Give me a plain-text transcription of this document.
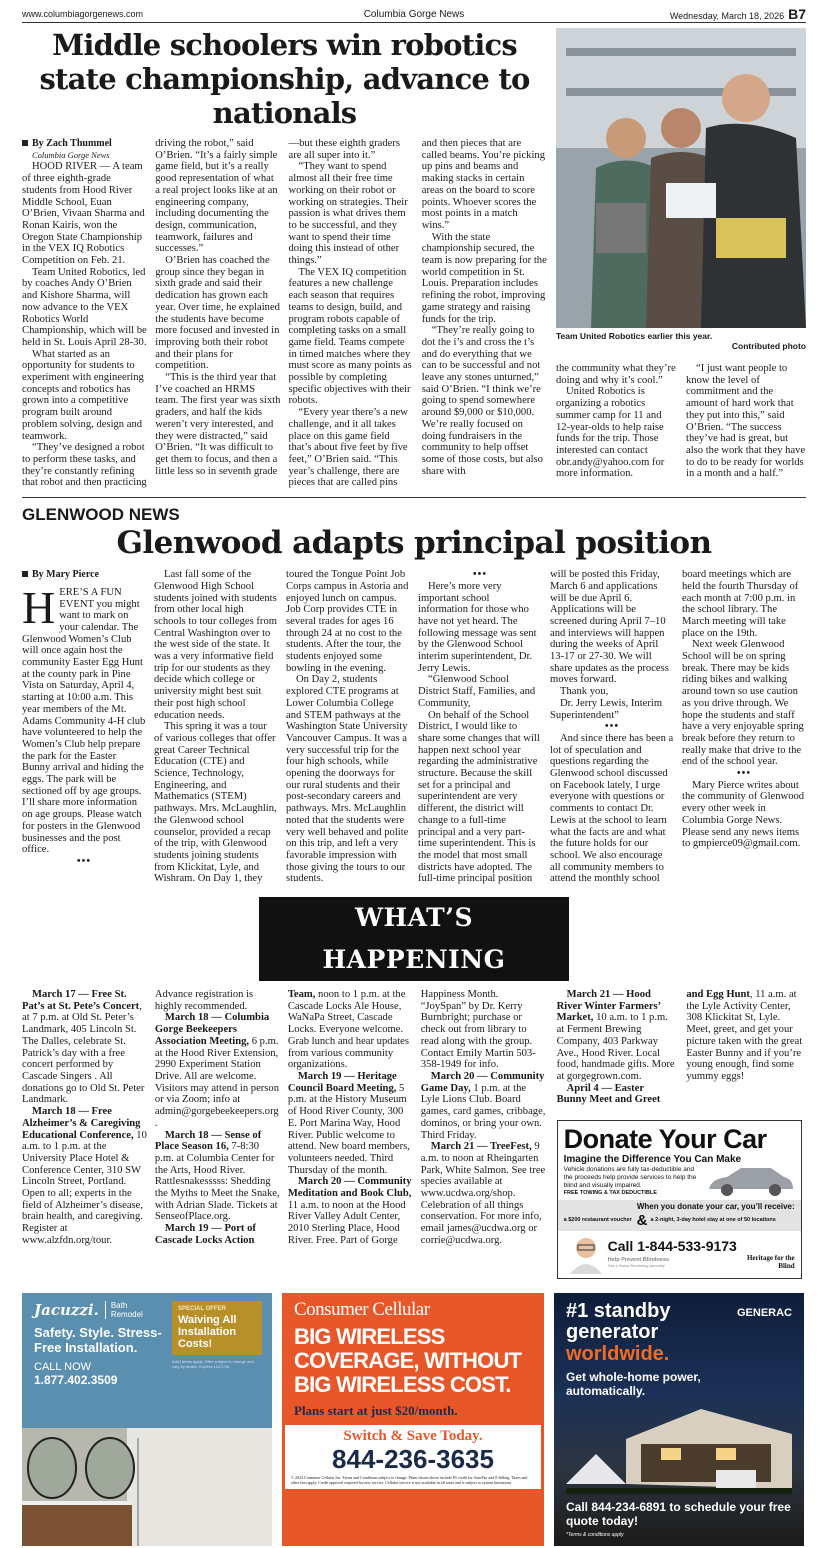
www.columbiagorgenews.com	Columbia Gorge News	Wednesday, March 18, 2026 B7
Middle schoolers win robotics state championship, advance to nationals
By Zach Thummel
Columbia Gorge News

HOOD RIVER — A team of three eighth-grade students from Hood River Middle School, Euan O’Brien, Vivaan Sharma and Ronan Kairis, won the Oregon State Championship in the VEX IQ Robotics Competition on Feb. 21.

Team United Robotics, led by coaches Andy O’Brien and Kishore Sharma, will now advance to the VEX Robotics World Championship, which will be held in St. Louis April 28-30.

What started as an opportunity for students to experiment with engineering concepts and robotics has grown into a competitive program built around problem solving, design and teamwork.

“They’ve designed a robot to perform these tasks, and they’re constantly refining that robot and then practicing driving the robot,” said O’Brien. “It’s a fairly simple game field, but it’s a really good representation of what a real project looks like at an engineering company, including documenting the design, communication, teamwork, failures and successes.”

O’Brien has coached the group since they began in sixth grade and said their dedication has grown each year. Over time, he explained the students have become more focused and invested in improving both their robot and their plans for competition.

“This is the third year that I’ve coached an HRMS team. The first year was sixth graders, and half the kids weren’t very interested, and they were distracted,” said O’Brien. “It was difficult to get them to focus, and then a little less so in seventh grade —but these eighth graders are all super into it.”

“They want to spend almost all their free time working on their robot or working on strategies. Their passion is what drives them to be successful, and they want to spend their time doing this instead of other things.”

The VEX IQ competition features a new challenge each season that requires teams to design, build, and program robots capable of completing tasks on a small game field. Teams compete in timed matches where they must score as many points as possible by completing specific objectives with their robots.

“Every year there’s a new challenge, and it all takes place on this game field that’s about five feet by five feet,” O’Brien said. “This year’s challenge, there are pieces that are called pins and then pieces that are called beams. You’re picking up pins and beams and making stacks in certain areas on the board to score points. Whoever scores the most points in a match wins.”

With the state championship secured, the team is now preparing for the world competition in St. Louis. Preparation includes refining the robot, improving game strategy and raising funds for the trip.

“They’re really going to dot the i’s and cross the t’s and do everything that we can to be successful and not leave any stones unturned,” said O’Brien. “I think we’re going to spend somewhere around $9,000 or $10,000. We’re really focused on doing fundraisers in the community to help offset some of those costs, but also share with

Team United Robotics earlier this year.
Contributed photo

the community what they’re doing and why it’s cool.”

United Robotics is organizing a robotics summer camp for 11 and 12-year-olds to help raise funds for the trip. Those interested can contact obr.andy@yahoo.com for more information.

“I just want people to know the level of commitment and the amount of hard work that they put into this,” said O’Brien. “The success they’ve had is great, but also the work that they have to do to be ready for worlds in a month and a half.”

GLENWOOD NEWS
Glenwood adapts principal position
By Mary Pierce

HERE’S A FUN EVENT you might want to mark on your calendar. The Glenwood Women’s Club will once again host the community Easter Egg Hunt at the county park in Pine Vista on Saturday, April 4, starting at 10:00 a.m. This year members of the Mt. Adams Community 4-H club have volunteered to help the Women’s Club help prepare the park for the Easter Bunny arrival and hiding the eggs. The park will be sectioned off by age groups. I’ll share more information on age groups. Please watch for posters in the Glenwood businesses and the post office.

•••

Last fall some of the Glenwood High School students joined with students from other local high schools to tour colleges from Central Washington over to the west side of the state. It was a very informative field trip for our students as they decide which college or university might best suit their post high school education needs.

This spring it was a tour of various colleges that offer great Career Technical Education (CTE) and Science, Technology, Engineering, and Mathematics (STEM) pathways. Mrs. McLaughlin, the Glenwood school counselor, provided a recap of the trip, with Glenwood students joining students from Klickitat, Lyle, and Wishram. On Day 1, they toured the Tongue Point Job Corps campus in Astoria and enjoyed lunch on campus. Job Corp provides CTE in several trades for ages 16 through 24 at no cost to the students. After the tour, the students enjoyed some bowling in the evening.

On Day 2, students explored CTE programs at Lower Columbia College and STEM pathways at the Washington State University Vancouver Campus. It was a very successful trip for the four high schools, while opening the doorways for our rural students and their post-secondary careers and pathways. Mrs. McLaughlin noted that the students were very well behaved and polite on this trip, and left a very favorable impression with those giving the tours to our students.

•••

Here’s more very important school information for those who have not yet heard. The following message was sent by the Glenwood School interim superintendent, Dr. Jerry Lewis.

“Glenwood School District Staff, Families, and Community,

On behalf of the School District, I would like to share some changes that will happen next school year regarding the administrative structure. Because the skill set for a principal and superintendent are very different, the district will change to a full-time principal and a very part-time superintendent. This is the model that most small districts have adopted. The full-time principal position will be posted this Friday, March 6 and applications will be due April 6. Applications will be screened during April 7–10 and interviews will happen during the weeks of April 13-17 or 27-30. We will share updates as the process moves forward.

Thank you,

Dr. Jerry Lewis, Interim Superintendent”

•••

And since there has been a lot of speculation and questions regarding the Glenwood school discussed on Facebook lately, I urge everyone with questions or comments to contact Dr. Lewis at the school to learn what the facts are and what the future holds for our school. We also encourage all community members to attend the monthly school board meetings which are held the fourth Thursday of each month at 7:00 p.m. in the school library. The March meeting will take place on the 19th.

Next week Glenwood School will be on spring break. There may be kids riding bikes and walking around town so use caution as you drive through. We hope the students and staff have a very enjoyable spring break before they return to really make that drive to the end of the school year.

•••

Mary Pierce writes about the community of Glenwood every other week in Columbia Gorge News. Please send any news items to gmpierce09@gmail.com.

WHAT’S HAPPENING

March 17 — Free St. Pat’s at St. Pete’s Concert, at 7 p.m. at Old St. Peter’s Landmark, 405 Lincoln St. The Dalles, celebrate St. Patrick’s day with a free concert performed by Cascade Singers . All donations go to Old St. Peter Landmark.

March 18 — Free Alzheimer’s & Caregiving Educational Conference, 10 a.m. to 1 p.m. at the University Place Hotel & Conference Center, 310 SW Lincoln Street, Portland. Open to all; experts in the field of Alzheimer’s disease, brain health, and caregiving. Register at www.alzfdn.org/tour. Advance registration is highly recommended.

March 18 — Columbia Gorge Beekeepers Association Meeting, 6 p.m. at the Hood River Extension, 2990 Experiment Station Drive. All are welcome. Visitors may attend in person or via Zoom; info at admin@gorgebeekeepers.org.

March 18 — Sense of Place Season 16, 7-8:30 p.m. at Columbia Center for the Arts, Hood River. Rattlesnakesssss: Shedding the Myths to Meet the Snake, with Adrian Slade. Tickets at SenseofPlace.org.

March 19 — Port of Cascade Locks Action Team, noon to 1 p.m. at the Cascade Locks Ale House, WaNaPa Street, Cascade Locks. Everyone welcome. Grab lunch and hear updates from various community organizations.

March 19 — Heritage Council Board Meeting, 5 p.m. at the History Museum of Hood River County, 300 E. Port Marina Way, Hood River. Public welcome to attend. New board members, volunteers needed. Third Thursday of the month.

March 20 — Community Meditation and Book Club, 11 a.m. to noon at the Hood River Valley Adult Center, 2010 Sterling Place, Hood River. Free. Part of Gorge Happiness Month. “JoySpan” by Dr. Kerry Burnbright; purchase or check out from library to read along with the group. Contact Emily Martin 503-358-1949 for info.

March 20 — Community Game Day, 1 p.m. at the Lyle Lions Club. Board games, card games, cribbage, dominos, or bring your own. Third Friday.

March 21 — TreeFest, 9 a.m. to noon at Rheingarten Park, White Salmon. See tree species available at www.ucdwa.org/shop. Celebration of all things conservation. For more info, email james@ucdwa.org or corrie@ucdwa.org.

March 21 — Hood River Winter Farmers’ Market, 10 a.m. to 1 p.m. at Ferment Brewing Company, 403 Parkway Ave., Hood River. Local food, handmade gifts. More at gorgegrown.com.

April 4 — Easter Bunny Meet and Greet and Egg Hunt, 11 a.m. at the Lyle Activity Center, 308 Klickitat St, Lyle. Meet, greet, and get your picture taken with the great Easter Bunny and if you’re young enough, find some yummy eggs!

Donate Your Car
Imagine the Difference You Can Make
Vehicle donations are fully tax-deductible and the proceeds help provide services to help the blind and visually impaired.
FREE TOWING & TAX DEDUCTIBLE
When you donate your car, you’ll receive:
a $200 restaurant voucher & a 2-night, 3-day hotel stay at one of 50 locations
Call 1-844-533-9173
Help Prevent Blindness
Get a Vision Screening Annually
Heritage for the Blind
Jacuzzi.	Bath Remodel
Safety. Style. Stress-Free Installation.
CALL NOW
1.877.402.3509
SPECIAL OFFER
Waiving All Installation Costs!
Add’l terms apply. Offer subject to change and vary by dealer. Expires 12/27/26.
Consumer Cellular
BIG WIRELESS COVERAGE, WITHOUT BIG WIRELESS COST.
Plans start at just $20/month.
Switch & Save Today.
844-236-3635
© 2024 Consumer Cellular Inc. Terms and Conditions subject to change. Plans shown above include $5 credit for AutoPay and E-billing. Taxes and other fees apply. Credit approval required for new service. Cellular service is not available in all areas and is subject to system limitations.
#1 standby generator
GENERAC
worldwide.
Get whole-home power, automatically.
Call 844-234-6891 to schedule your free quote today!
*Terms & conditions apply
